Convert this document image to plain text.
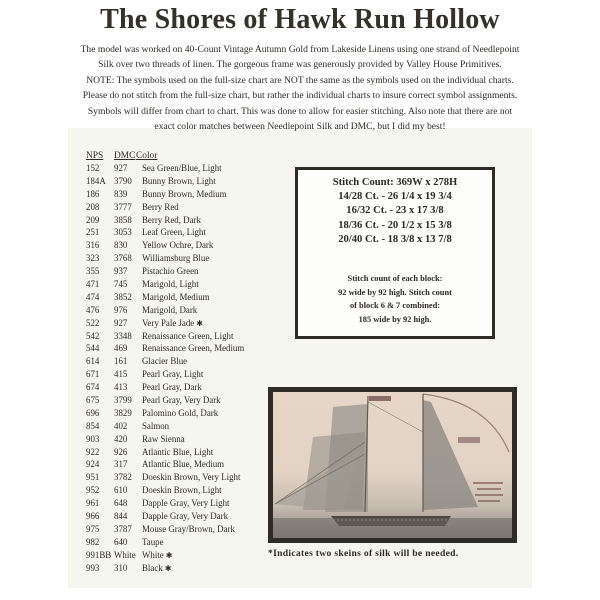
The Shores of Hawk Run Hollow

The model was worked on 40-Count Vintage Autumn Gold from Lakeside Linens using one strand of Needlepoint

Silk over two threads of linen. The gorgeous frame was generously provided by Valley House Primitives.

NOTE: The symbols used on the full-size chart are NOT the same as the symbols used on the individual charts.

Please do not stitch from the full-size chart, but rather the individual charts to insure correct symbol assignments.

Symbols will differ from chart to chart. This was done to allow for easier stitching. Also note that there are not

exact color matches between Needlepoint Silk and DMC, but I did my best!

NPS	DMC Color
152	927	Sea Green/Blue, Light
184A 3790	Bunny Brown, Light
186	839	Bunny Brown, Medium
208	3777	Berry Red
209	3858	Berry Red, Dark
251	3053	Leaf Green, Light
316	830	Yellow Ochre, Dark
323	3768	Williamsburg Blue
355	937	Pistachio Green
471	745	Marigold, Light
474	3852	Marigold, Medium
476	976	Marigold, Dark
522	927	Very Pale Jade ✱
542	3348	Renaissance Green, Light
544	469	Renaissance Green, Medium
614	161	Glacier Blue
671	415	Pearl Gray, Light
674	413	Pearl Gray, Dark
675	3799	Pearl Gray, Very Dark
696	3829	Palomino Gold, Dark
854	402	Salmon
903	420	Raw Sienna
922	926	Atlantic Blue, Light
924	317	Atlantic Blue, Medium
951	3782	Doeskin Brown, Very Light
952	610	Doeskin Brown, Light
961	648	Dapple Gray, Very Light
966	844	Dapple Gray, Very Dark
975	3787	Mouse Gray/Brown, Dark
982	640	Taupe
991BB White White ✱
993	310	Black ✱

Stitch Count: 369W x 278H

14/28 Ct. - 26 1/4 x 19 3/4

16/32 Ct. - 23 x 17 3/8

18/36 Ct. - 20 1/2 x 15 3/8

20/40 Ct. - 18 3/8 x 13 7/8

Stitch count of each block:

92 wide by 92 high. Stitch count

of block 6 & 7 combined:

185 wide by 92 high.

*Indicates two skeins of silk will be needed.
